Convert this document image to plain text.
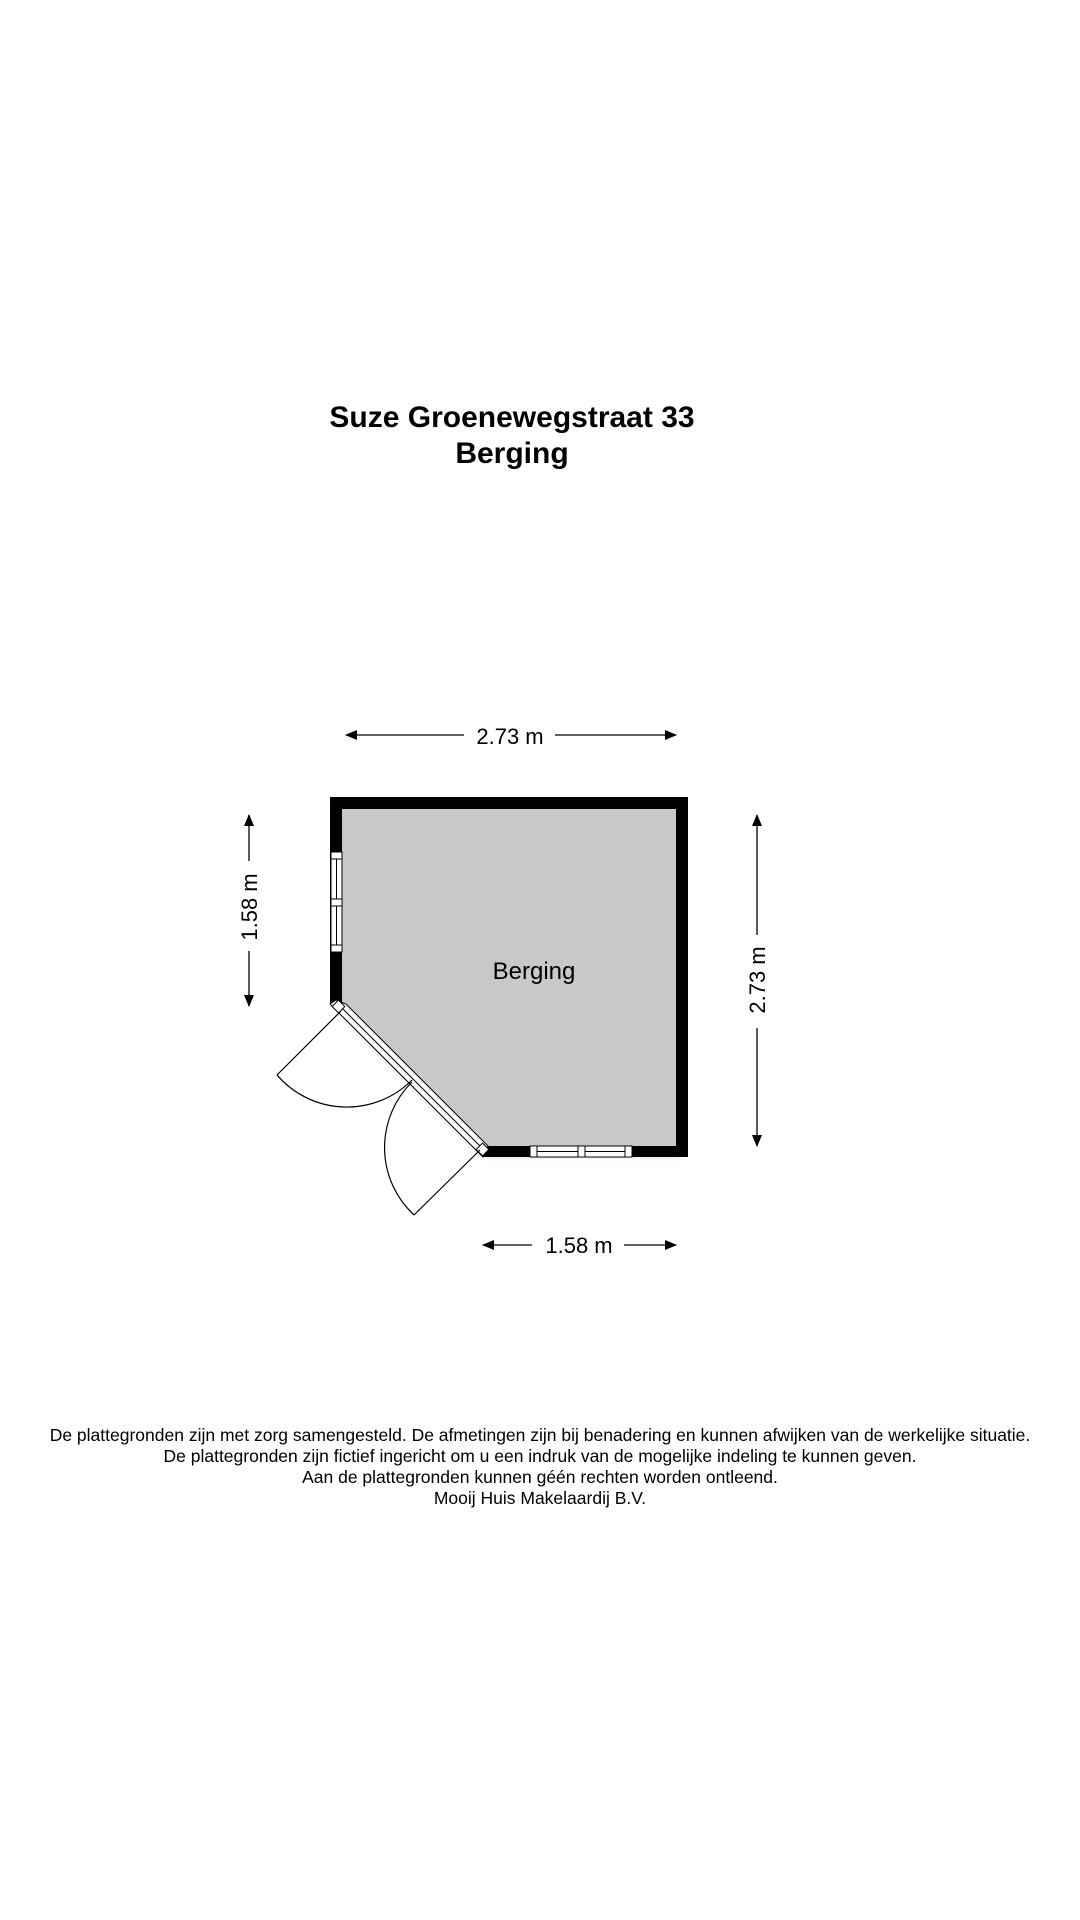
Suze Groenewegstraat 33
Berging
Berging
2.73 m
1.58 m
2.73 m
1.58 m
De plattegronden zijn met zorg samengesteld. De afmetingen zijn bij benadering en kunnen afwijken van de werkelijke situatie.
De plattegronden zijn fictief ingericht om u een indruk van de mogelijke indeling te kunnen geven.
Aan de plattegronden kunnen géén rechten worden ontleend.
Mooij Huis Makelaardij B.V.
